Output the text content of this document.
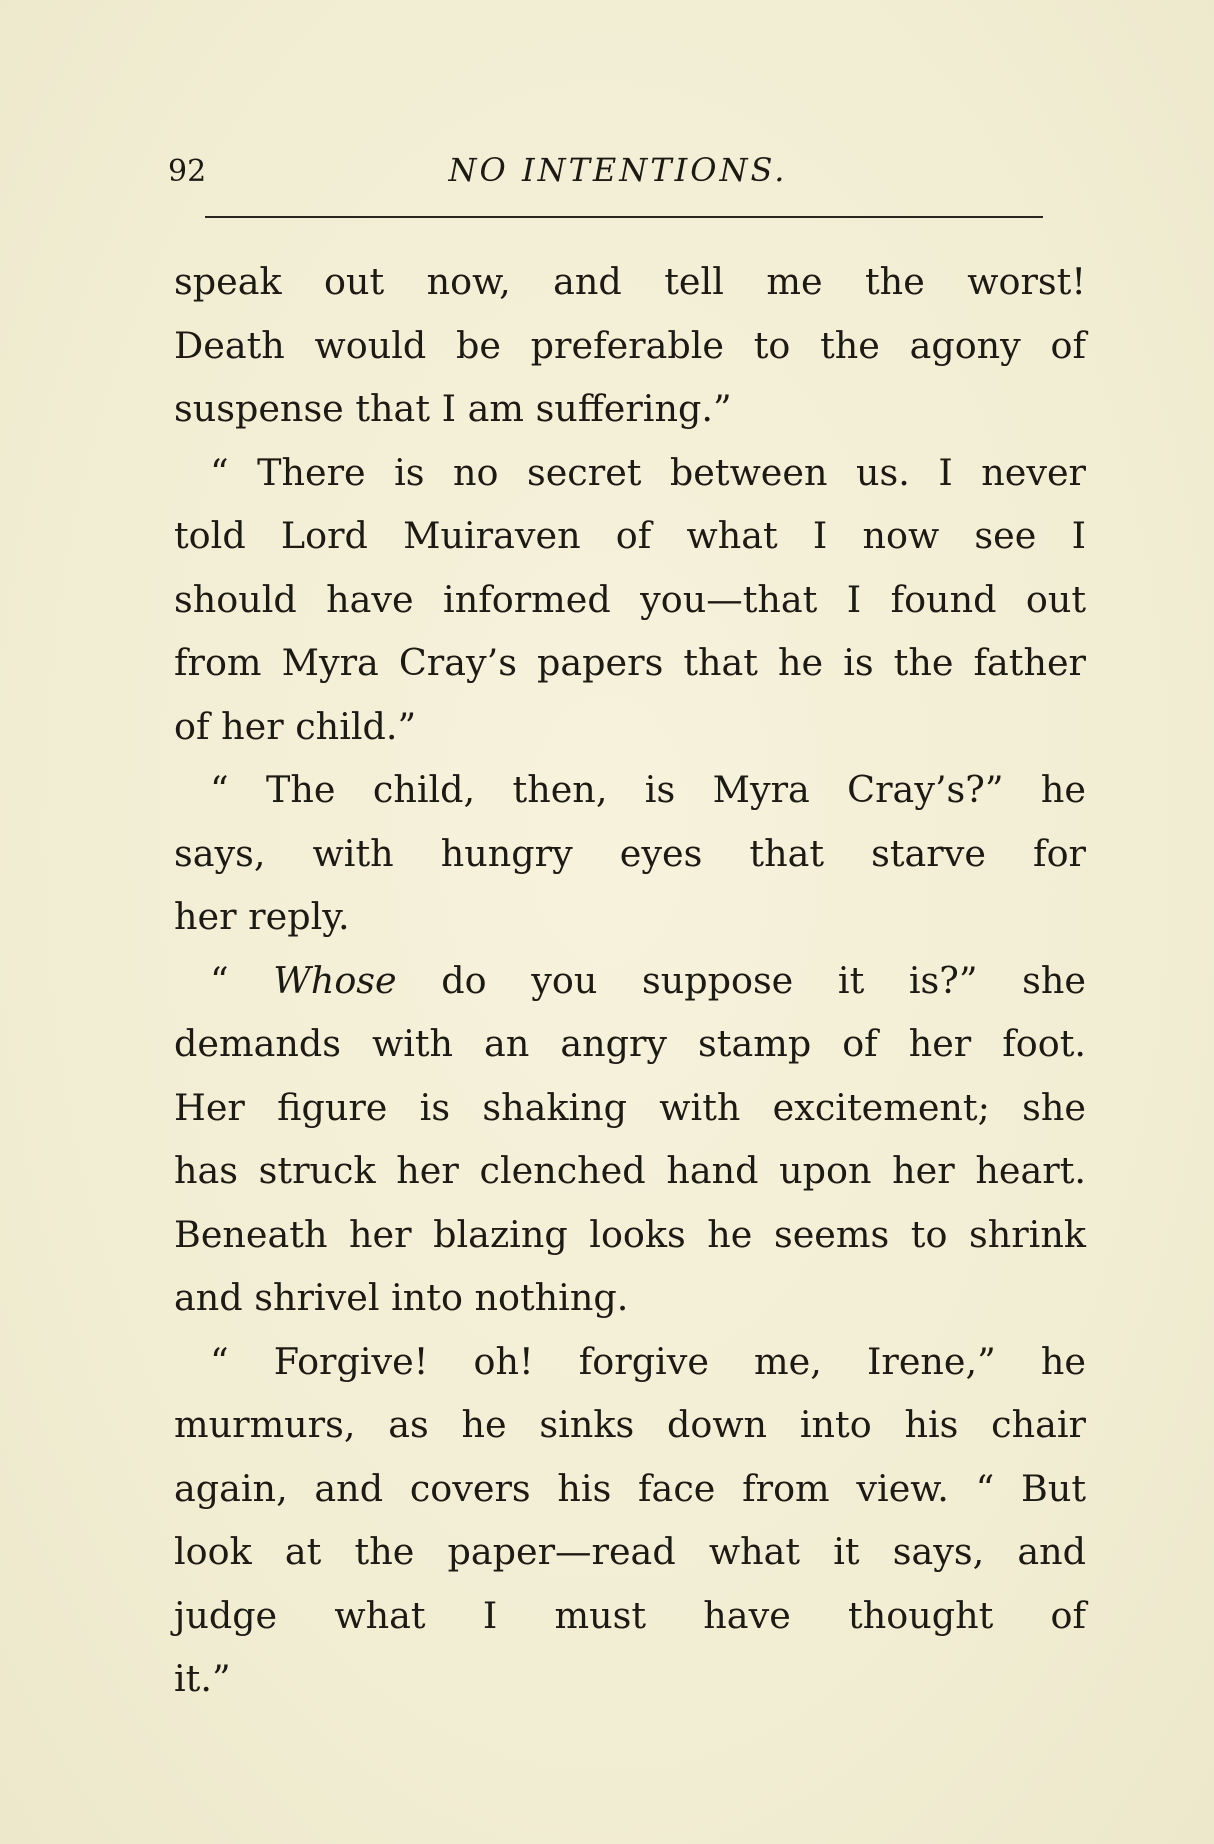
92	NO INTENTIONS.
speak out now, and tell me the worst!
Death would be preferable to the agony of
suspense that I am suffering.”
“ There is no secret between us. I never
told Lord Muiraven of what I now see I
should have informed you—that I found out
from Myra Cray’s papers that he is the father
of her child.”
“ The child, then, is Myra Cray’s?” he
says, with hungry eyes that starve for
her reply.
“ Whose do you suppose it is?” she
demands with an angry stamp of her foot.
Her figure is shaking with excitement; she
has struck her clenched hand upon her heart.
Beneath her blazing looks he seems to shrink
and shrivel into nothing.
“ Forgive! oh! forgive me, Irene,” he
murmurs, as he sinks down into his chair
again, and covers his face from view. “ But
look at the paper—read what it says, and
judge what I must have thought of
it.”
